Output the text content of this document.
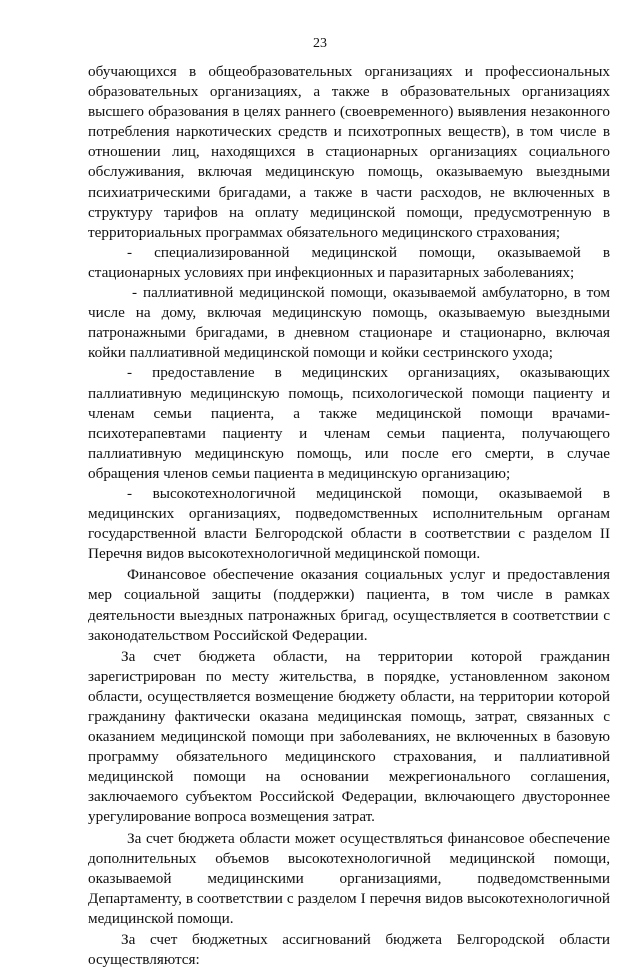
23

обучающихся в общеобразовательных организациях и профессиональных образовательных организациях, а также в образовательных организациях высшего образования в целях раннего (своевременного) выявления незаконного потребления наркотических средств и психотропных веществ), в том числе в отношении лиц, находящихся в стационарных организациях социального обслуживания, включая медицинскую помощь, оказываемую выездными психиатрическими бригадами, а также в части расходов, не включенных в структуру тарифов на оплату медицинской помощи, предусмотренную в территориальных программах обязательного медицинского страхования;

- специализированной медицинской помощи, оказываемой в стационарных условиях при инфекционных и паразитарных заболеваниях;

- паллиативной медицинской помощи, оказываемой амбулаторно, в том числе на дому, включая медицинскую помощь, оказываемую выездными патронажными бригадами, в дневном стационаре и стационарно, включая койки паллиативной медицинской помощи и койки сестринского ухода;

- предоставление в медицинских организациях, оказывающих паллиативную медицинскую помощь, психологической помощи пациенту и членам семьи пациента, а также медицинской помощи врачами-психотерапевтами пациенту и членам семьи пациента, получающего паллиативную медицинскую помощь, или после его смерти, в случае обращения членов семьи пациента в медицинскую организацию;

- высокотехнологичной медицинской помощи, оказываемой в медицинских организациях, подведомственных исполнительным органам государственной власти Белгородской области в соответствии с разделом II Перечня видов высокотехнологичной медицинской помощи.

Финансовое обеспечение оказания социальных услуг и предоставления мер социальной защиты (поддержки) пациента, в том числе в рамках деятельности выездных патронажных бригад, осуществляется в соответствии с законодательством Российской Федерации.

За счет бюджета области, на территории которой гражданин зарегистрирован по месту жительства, в порядке, установленном законом области, осуществляется возмещение бюджету области, на территории которой гражданину фактически оказана медицинская помощь, затрат, связанных с оказанием медицинской помощи при заболеваниях, не включенных в базовую программу обязательного медицинского страхования, и паллиативной медицинской помощи на основании межрегионального соглашения, заключаемого субъектом Российской Федерации, включающего двустороннее урегулирование вопроса возмещения затрат.

За счет бюджета области может осуществляться финансовое обеспечение дополнительных объемов высокотехнологичной медицинской помощи, оказываемой медицинскими организациями, подведомственными Департаменту, в соответствии с разделом I перечня видов высокотехнологичной медицинской помощи.

За счет бюджетных ассигнований бюджета Белгородской области осуществляются:
